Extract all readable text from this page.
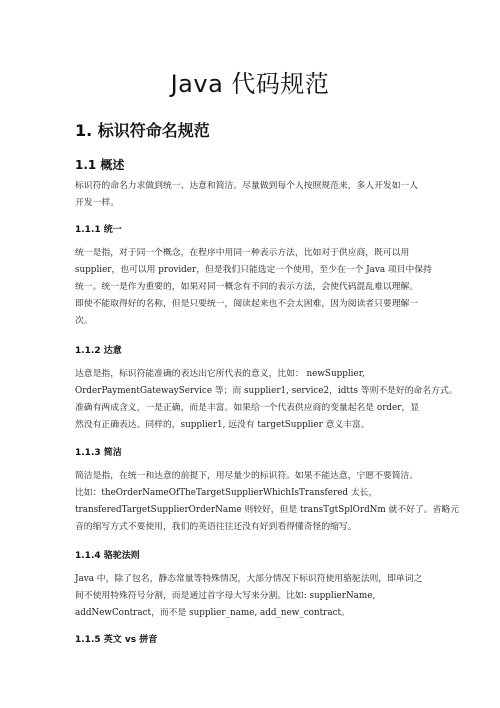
Java 代码规范
1. 标识符命名规范
1.1 概述
标识符的命名力求做到统一、达意和简洁。尽量做到每个人按照规范来，多人开发如一人
开发一样。
1.1.1 统一
统一是指，对于同一个概念，在程序中用同一种表示方法，比如对于供应商，既可以用
supplier，也可以用 provider，但是我们只能选定一个使用，至少在一个 Java 项目中保持
统一。统一是作为重要的，如果对同一概念有不同的表示方法，会使代码混乱难以理解。
即使不能取得好的名称，但是只要统一，阅读起来也不会太困难，因为阅读者只要理解一
次。
1.1.2 达意
达意是指，标识符能准确的表达出它所代表的意义，比如： newSupplier,
OrderPaymentGatewayService 等；而 supplier1, service2，idtts 等则不是好的命名方式。
准确有两成含义，一是正确，而是丰富。如果给一个代表供应商的变量起名是 order，显
然没有正确表达。同样的，supplier1, 远没有 targetSupplier 意义丰富。
1.1.3 简洁
简洁是指，在统一和达意的前提下，用尽量少的标识符。如果不能达意，宁愿不要简洁。
比如：theOrderNameOfTheTargetSupplierWhichIsTransfered 太长，
transferedTargetSupplierOrderName 则较好，但是 transTgtSplOrdNm 就不好了。省略元
音的缩写方式不要使用，我们的英语往往还没有好到看得懂奇怪的缩写。
1.1.4 骆驼法则
Java 中，除了包名，静态常量等特殊情况，大部分情况下标识符使用骆驼法则，即单词之
间不使用特殊符号分割，而是通过首字母大写来分割。比如: supplierName,
addNewContract，而不是 supplier_name, add_new_contract。
1.1.5 英文 vs 拼音
